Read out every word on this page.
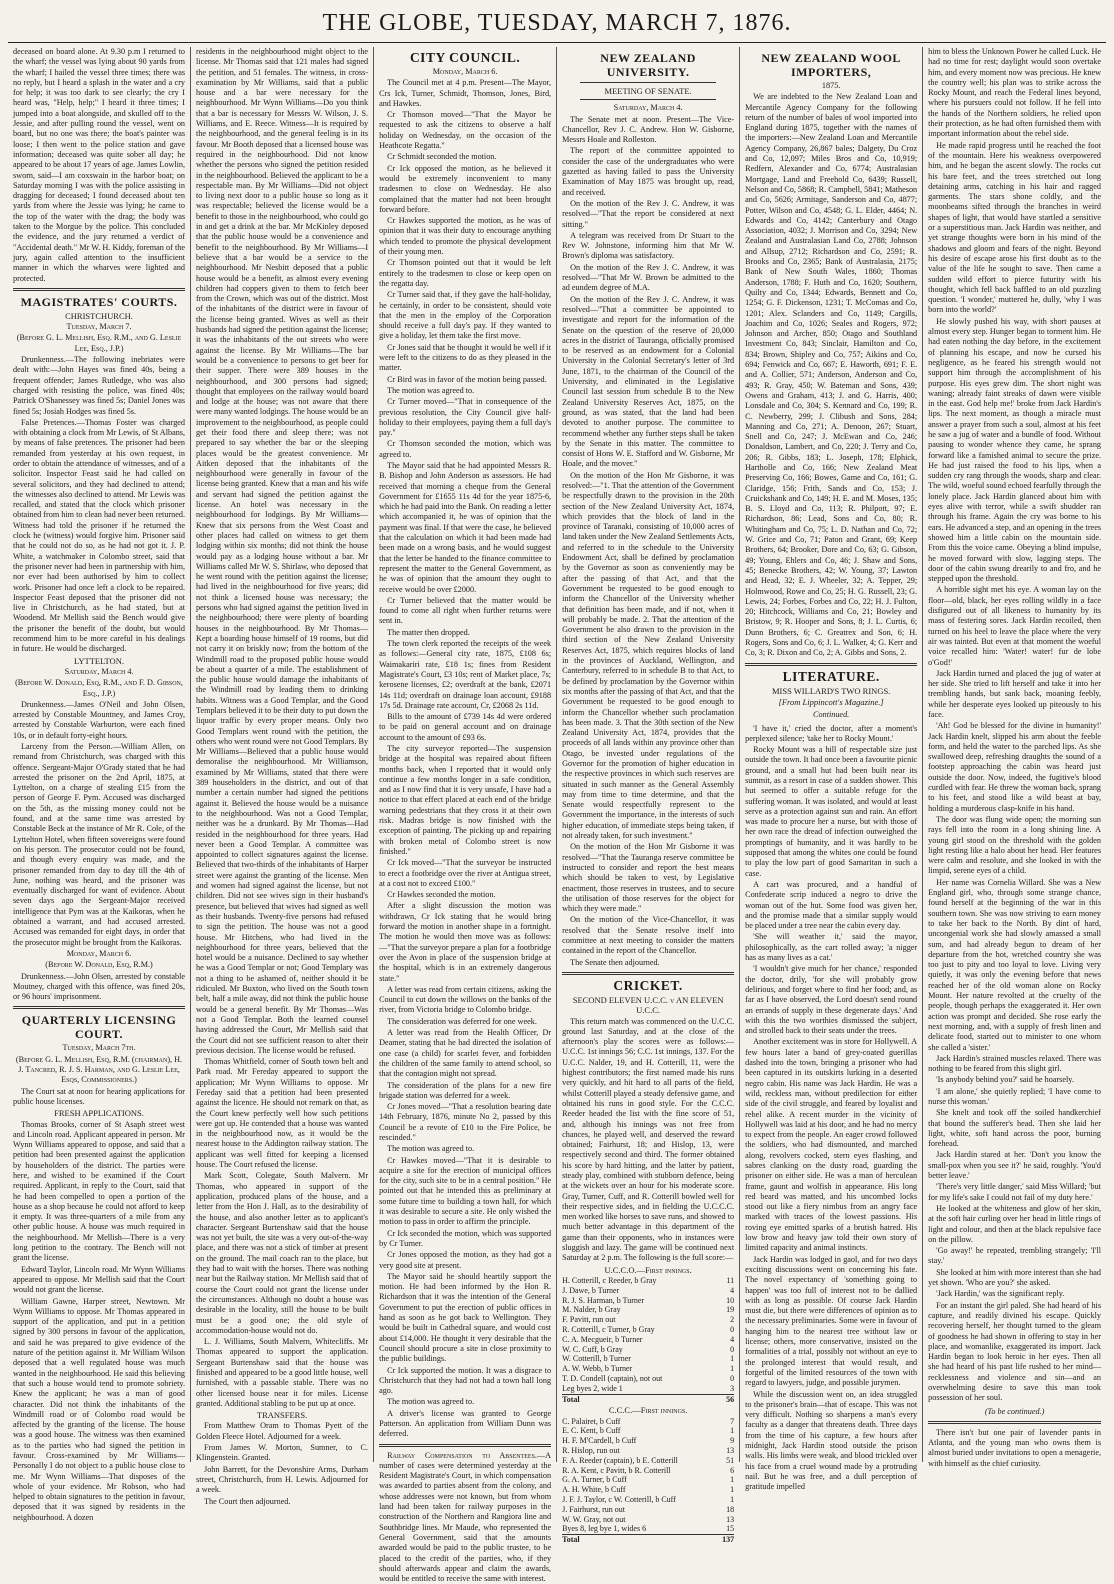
THE GLOBE, TUESDAY, MARCH 7, 1876.

deceased on board alone. At 9.30 p.m I returned to the wharf; the vessel was lying about 90 yards from the wharf; I hailed the vessel three times; there was no reply, but I heard a splash in the water and a cry for help; it was too dark to see clearly; the cry I heard was, "Help, help;" I heard it three times; I jumped into a boat alongside, and skulled off to the Jessie, and after pulling round the vessel, went on board, but no one was there; the boat's painter was loose; I then went to the police station and gave information; deceased was quite sober all day; he appeared to be about 17 years of age. James Lowlin, sworn, said—I am coxswain in the harbor boat; on Saturday morning I was with the police assisting in dragging for deceased; I found deceased about ten yards from where the Jessie was lying; he came to the top of the water with the drag; the body was taken to the Morgue by the police. This concluded the evidence, and the jury returned a verdict of "Accidental death." Mr W. H. Kiddy, foreman of the jury, again called attention to the insufficient manner in which the wharves were lighted and protected.

MAGISTRATES' COURTS.
CHRISTCHURCH.
Tuesday, March 7.
(Before G. L. Mellish, Esq. R.M., and G. Leslie Lee, Esq., J.P.)

Drunkenness.—The following inebriates were dealt with:—John Hayes was fined 40s, being a frequent offender; James Rutledge, who was also charged with resisting the police, was fined 40s; Patrick O'Shanessey was fined 5s; Daniel Jones was fined 5s; Josiah Hodges was fined 5s.

False Pretences.—Thomas Foster was charged with obtaining a clock from Mr Lewis, of St Albans, by means of false pretences. The prisoner had been remanded from yesterday at his own request, in order to obtain the attendance of witnesses, and of a solicitor. Inspector Feast said he had called on several solicitors, and they had declined to attend; the witnesses also declined to attend. Mr Lewis was recalled, and stated that the clock which prisoner obtained from him to clean had never been returned. Witness had told the prisoner if he returned the clock he (witness) would forgive him. Prisoner said that he could not do so, as he had not got it. J. P. White, a watchmaker in Colombo street, said that the prisoner never had been in partnership with him, nor ever had been authorised by him to collect work. Prisoner had once left a clock to be repaired. Inspector Feast deposed that the prisoner did not live in Christchurch, as he had stated, but at Woodend. Mr Mellish said the Bench would give the prisoner the benefit of the doubt, but would recommend him to be more careful in his dealings in future. He would be discharged.

LYTTELTON.
Saturday, March 4.
(Before W. Donald, Esq, R.M., and F. D. Gibson, Esq., J.P.)

Drunkenness.—James O'Neil and John Olsen, arrested by Constable Mountney, and James Croy, arrested by Constable Warburton, were each fined 10s, or in default forty-eight hours.

Larceny from the Person.—William Allen, on remand from Christchurch, was charged with this offence. Sergeant-Major O'Grady stated that he had arrested the prisoner on the 2nd April, 1875, at Lyttelton, on a charge of stealing £15 from the person of George F. Pym. Accused was discharged on the 5th, as the missing money could not be found, and at the same time was arrested by Constable Beck at the instance of Mr R. Cole, of the Lyttelton Hotel, when fifteen sovereigns were found on his person. The prosecutor could not be found, and though every enquiry was made, and the prisoner remanded from day to day till the 4th of June, nothing was heard, and the prisoner was eventually discharged for want of evidence. About seven days ago the Sergeant-Major received intelligence that Pym was at the Kaikoras, when he obtained a warrant, and had accused arrested. Accused was remanded for eight days, in order that the prosecutor might be brought from the Kaikoras.

Monday, March 6.
(Before W. Donald, Esq, R.M.)

Drunkenness.—John Olsen, arrested by constable Moutney, charged with this offence, was fined 20s, or 96 hours' imprisonment.

QUARTERLY LICENSING COURT.
Tuesday, March 7th.
(Before G. L. Mellish, Esq, R.M. (chairman), H. J. Tancred, R. J. S. Harman, and G. Leslie Lee, Esqs, Commissioners.)

The Court sat at noon for hearing applications for public house licenses.

FRESH APPLICATIONS.

Thomas Brooks, corner of St Asaph street west and Lincoln road. Applicant appeared in person. Mr Wynn Williams appeared to oppose, and said that a petition had been presented against the application by householders of the district. The parties were here, and wished to be examined if the Court required. Applicant, in reply to the Court, said that he had been compelled to open a portion of the house as a shop because he could not afford to keep it empty. It was three-quarters of a mile from any other public house. A house was much required in the neighbourhood. Mr Mellish—There is a very long petition to the contrary. The Bench will not grant the license.

Edward Taylor, Lincoln road. Mr Wynn Williams appeared to oppose. Mr Mellish said that the Court would not grant the license.

William Gawne, Harper street, Newtown. Mr Wynn Williams to oppose. Mr Thomas appeared in support of the application, and put in a petition signed by 300 persons in favour of the application, and said he was prepared to give evidence of the nature of the petition against it. Mr William Wilson deposed that a well regulated house was much wanted in the neighbourhood. He said this believing that such a house would tend to promote sobriety. Knew the applicant; he was a man of good character. Did not think the inhabitants of the Windmill road or of Colombo road would be affected by the granting of the license. The house was a good house. The witness was then examined as to the parties who had signed the petition in favour. Cross-examined by Mr Williams—Personally I do not object to a public house close to me. Mr Wynn Williams—That disposes of the whole of your evidence. Mr Robson, who had helped to obtain signatures to the petition in favour, deposed that it was signed by residents in the neighbourhood. A dozen

residents in the neighbourhood might object to the license. Mr Thomas said that 121 males had signed the petition, and 51 females. The witness, in cross-examination by Mr Williams, said that a public house and a bar were necessary for the neighbourhood. Mr Wynn Williams—Do you think that a bar is necessary for Messrs W. Wilson, J. S. Williams, and E. Reece. Witness—It is required by the neighbourhood, and the general feeling is in its favour. Mr Booth deposed that a licensed house was required in the neighbourhood. Did not know whether the persons who signed the petition resided in the neighbourhood. Believed the applicant to be a respectable man. By Mr Williams—Did not object to living next door to a public house so long as it was respectable; believed the license would be a benefit to those in the neighbourhood, who could go in and get a drink at the bar. Mr McKinley deposed that the public house would be a convenience and benefit to the neighbourhood. By Mr Williams—I believe that a bar would be a service to the neighbourhood. Mr Nesbitt deposed that a public house would be a benefit, as almost every evening children had coppers given to them to fetch beer from the Crown, which was out of the district. Most of the inhabitants of the district were in favour of the license being granted. Wives as well as their husbands had signed the petition against the license; it was the inhabitants of the out streets who were against the license. By Mr Williams—The bar would be a convenience to persons to get beer for their supper. There were 389 houses in the neighbourhood, and 300 persons had signed; thought that employees on the railway would board and lodge at the house; was not aware that there were many wanted lodgings. The house would be an improvement to the neighbourhood, as people could get their food there and sleep there; was not prepared to say whether the bar or the sleeping places would be the greatest convenience. Mr Aitken deposed that the inhabitants of the neighbourhood were generally in favour of the license being granted. Knew that a man and his wife and servant had signed the petition against the license. An hotel was necessary in the neighbourhood for lodgings. By Mr Williams—Knew that six persons from the West Coast and other places had called on witness to get them lodging within six months; did not think the house would pay as a lodging house without a bar. Mr Williams called Mr W. S. Shirlaw, who deposed that he went round with the petition against the license; had lived in the neighbourhood for five years; did not think a licensed house was necessary; the persons who had signed against the petition lived in the neighbourhood; there were plenty of boarding houses in the neighbourhood. By Mr Thomas—Kept a boarding house himself of 19 rooms, but did not carry it on briskly now; from the bottom of the Windmill road to the proposed public house would be about a quarter of a mile. The establishment of the public house would damage the inhabitants of the Windmill road by leading them to drinking habits. Witness was a Good Templar, and the Good Templars believed it to be their duty to put down the liquor traffic by every proper means. Only two Good Templars went round with the petition, the others who went round were not Good Templars. By Mr Williams—Believed that a public house would demoralise the neighbourhood. Mr Williamson, examined by Mr Williams, stated that there were 389 householders in the district, and out of that number a certain number had signed the petitions against it. Believed the house would be a nuisance to the neighbourhood. Was not a Good Templar, neither was he a drunkard. By Mr Thomas—Had resided in the neighbourhood for three years. Had never been a Good Templar. A committee was appointed to collect signatures against the license. Believed that two-thirds of the inhabitants of Harper street were against the granting of the license. Men and women had signed against the license, but not children. Did not see wives sign in their husband's presence, but believed that wives had signed as well as their husbands. Twenty-five persons had refused to sign the petition. The house was not a good house. Mr Hitchens, who had lived in the neighbourhood for three years, believed that the hotel would be a nuisance. Declined to say whether he was a Good Templar or not; Good Templary was not a thing to be ashamed of, neither should it be ridiculed. Mr Buxton, who lived on the South town belt, half a mile away, did not think the public house would be a general benefit. By Mr Thomas—Was not a Good Templar. Both the learned counsel having addressed the Court, Mr Mellish said that the Court did not see sufficient reason to alter their previous decision. The license would be refused.

Thomas Whitfield, corner of South town belt and Park road. Mr Fereday appeared to support the application; Mr Wynn Williams to oppose. Mr Fereday said that a petition had been presented against the licence. He should not remark on that, as the Court knew perfectly well how such petitions were got up. He contended that a house was wanted in the neighbourhood now, as it would be the nearest house to the Addington railway station. The applicant was well fitted for keeping a licensed house. The Court refused the license.

Mark Scott, Colegate, South Malvern. Mr Thomas, who appeared in support of the application, produced plans of the house, and a letter from the Hon J. Hall, as to the desirability of the house, and also another letter as to applicant's character. Sergeant Burtenshaw said that the house was not yet built, the site was a very out-of-the-way place, and there was not a stick of timber at present on the ground. The mail coach ran to the place, but they had to wait with the horses. There was nothing near but the Railway station. Mr Mellish said that of course the Court could not grant the license under the circumstances. Although no doubt a house was desirable in the locality, still the house to be built must be a good one; the old style of accommodation-house would not do.

L. J. Williams, South Malvern, Whitecliffs. Mr Thomas appeared to support the application. Sergeant Burtenshaw said that the house was finished and appeared to be a good little house, well furnished, with a passable stable. There was no other licensed house near it for miles. License granted. Additional stabling to be put up at once.

TRANSFERS.

From Matthew Oram to Thomas Pyett of the Golden Fleece Hotel. Adjourned for a week.

From James W. Morton, Sumner, to C. Klingenstein. Granted.

John Barrett, for the Devonshire Arms, Durham street, Christchurch, from H. Lewis. Adjourned for a week.

The Court then adjourned.

CITY COUNCIL.
Monday, March 6.

The Council met at 4 p.m. Present—The Mayor, Crs Ick, Turner, Schmidt, Thomson, Jones, Bird, and Hawkes.

Cr Thomson moved—"That the Mayor be requested to ask the citizens to observe a half holiday on Wednesday, on the occasion of the Heathcote Regatta."

Cr Schmidt seconded the motion.

Cr Ick opposed the motion, as he believed it would be extremely inconvenient to many tradesmen to close on Wednesday. He also complained that the matter had not been brought forward before.

Cr Hawkes supported the motion, as he was of opinion that it was their duty to encourage anything which tended to promote the physical development of their young men.

Cr Thomson pointed out that it would be left entirely to the tradesmen to close or keep open on the regatta day.

Cr Turner said that, if they gave the half-holiday, he certainly, in order to be consistent, should vote that the men in the employ of the Corporation should receive a full day's pay. If they wanted to give a holiday, let them take the first move.

Cr Jones said that he thought it would be well if it were left to the citizens to do as they pleased in the matter.

Cr Bird was in favor of the motion being passed.

The motion was agreed to.

Cr Turner moved—"That in consequence of the previous resolution, the City Council give half-holiday to their employees, paying them a full day's pay."

Cr Thomson seconded the motion, which was agreed to.

The Mayor said that he had appointed Messrs R. B. Bishop and John Anderson as assessors. He had received that morning a cheque from the General Government for £1655 11s 4d for the year 1875-6, which he had paid into the Bank. On reading a letter which accompanied it, he was of opinion that the payment was final. If that were the case, he believed that the calculation on which it had been made had been made on a wrong basis, and he would suggest that the letter be handed to the finance committee to represent the matter to the General Government, as he was of opinion that the amount they ought to receive would be over £2000.

Cr Turner believed that the matter would be found to come all right when further returns were sent in.

The matter then dropped.

The town clerk reported the receipts of the week as follows:—General city rate, 1875, £108 6s; Waimakariri rate, £18 1s; fines from Resident Magistrate's Court, £3 10s; rent of Market place, 7s; kerosene licenses, £2; overdraft at the bank, £2071 14s 11d; overdraft on drainage loan account, £9188 17s 5d. Drainage rate account, Cr, £2068 2s 11d.

Bills to the amount of £739 14s 4d were ordered to be paid on general account and on drainage account to the amount of £93 6s.

The city surveyor reported—The suspension bridge at the hospital was repaired about fifteen months back, when I reported that it would only continue a few months longer in a safe condition, and as I now find that it is very unsafe, I have had a notice to that effect placed at each end of the bridge warning pedestrians that they cross it at their own risk. Madras bridge is now finished with the exception of painting. The picking up and repairing with broken metal of Colombo street is now finished."

Cr Ick moved—"That the surveyor be instructed to erect a footbridge over the river at Antigua street, at a cost not to exceed £100."

Cr Hawkes seconded the motion.

After a slight discussion the motion was withdrawn, Cr Ick stating that he would bring forward the motion in another shape in a fortnight. The motion he would then move was as follows:—"That the surveyor prepare a plan for a footbridge over the Avon in place of the suspension bridge at the hospital, which is in an extremely dangerous state."

A letter was read from certain citizens, asking the Council to cut down the willows on the banks of the river, from Victoria bridge to Colombo bridge.

The consideration was deferred for one week.

A letter was read from the Health Officer, Dr Deamer, stating that he had directed the isolation of one case (a child) for scarlet fever, and forbidden the children of the same family to attend school, so that the contagion might not spread.

The consideration of the plans for a new fire brigade station was deferred for a week.

Cr Jones moved—"That a resolution bearing date 14th February, 1876, minute No 2, passed by this Council be a revote of £10 to the Fire Police, be rescinded."

The motion was agreed to.

Cr Hawkes moved—"That it is desirable to acquire a site for the erection of municipal offices for the city, such site to be in a central position." He pointed out that he intended this as preliminary at some future time to building a town hall, for which it was desirable to secure a site. He only wished the motion to pass in order to affirm the principle.

Cr Ick seconded the motion, which was supported by Cr Turner.

Cr Jones opposed the motion, as they had got a very good site at present.

The Mayor said he should heartily support the motion. He had been informed by the Hon R. Richardson that it was the intention of the General Government to put the erection of public offices in hand as soon as he got back to Wellington. They would be built in Cathedral square, and would cost about £14,000. He thought it very desirable that the Council should procure a site in close proximity to the public buildings.

Cr Ick supported the motion. It was a disgrace to Christchurch that they had not had a town hall long ago.

The motion was agreed to.

A driver's license was granted to George Patterson. An application from William Dunn was deferred.

Railway Compensation to Absentees.—A number of cases were determined yesterday at the Resident Magistrate's Court, in which compensation was awarded to parties absent from the colony, and whose addresses were not known, but from whom land had been taken for railway purposes in the construction of the Northern and Rangiora line and Southbridge lines. Mr Maude, who represented the General Government, said that the amounts awarded would be paid to the public trustee, to be placed to the credit of the parties, who, if they should afterwards appear and claim the awards, would be entitled to receive the same with interest.

NEW ZEALAND UNIVERSITY.
MEETING OF SENATE.
Saturday, March 4.

The Senate met at noon. Present—The Vice-Chancellor, Rev J. C. Andrew. Hon W. Gisborne, Messrs Hoale and Rolleston.

The report of the committee appointed to consider the case of the undergraduates who were gazetted as having failed to pass the University Examination of May 1875 was brought up, read, and received.

On the motion of the Rev J. C. Andrew, it was resolved—"That the report be considered at next sitting."

A telegram was received from Dr Stuart to the Rev W. Johnstone, informing him that Mr W. Brown's diploma was satisfactory.

On the motion of the Rev J. C. Andrew, it was resolved—"That Mr W. Brown be admitted to the ad eundem degree of M.A.

On the motion of the Rev J. C. Andrew, it was resolved—"That a committee be appointed to investigate and report for the information of the Senate on the question of the reserve of 20,000 acres in the district of Tauranga, officially promised to be reserved as an endowment for a Colonial University in the Colonial Secretary's letter of 3rd June, 1871, to the chairman of the Council of the University, and eliminated in the Legislative Council last session from schedule B to the New Zealand University Reserves Act, 1875, on the ground, as was stated, that the land had been devoted to another purpose. The committee to recommend whether any further steps shall be taken by the Senate in this matter. The committee to consist of Hons W. E. Stafford and W. Gisborne, Mr Hoale, and the mover."

On the motion of the Hon Mr Gisborne, it was resolved:—"1. That the attention of the Government be respectfully drawn to the provision in the 20th section of the New Zealand University Act, 1874, which provides that the block of land in the province of Taranaki, consisting of 10,000 acres of land taken under the New Zealand Settlements Acts, and referred to in the schedule to the University Endowment Act, shall be defined by proclamation by the Governor as soon as conveniently may be after the passing of that Act, and that the Government be requested to be good enough to inform the Chancellor of the University whether that definition has been made, and if not, when it will probably be made. 2. That the attention of the Government be also drawn to the provision in the third section of the New Zealand University Reserves Act, 1875, which requires blocks of land in the provinces of Auckland, Wellington, and Canterbury, referred to in schedule B to that Act, to be defined by proclamation by the Governor within six months after the passing of that Act, and that the Government be requested to be good enough to inform the Chancellor whether such proclamation has been made. 3. That the 30th section of the New Zealand University Act, 1874, provides that the proceeds of all lands within any province other than Otago, be invested under regulations of the Governor for the promotion of higher education in the respective provinces in which such reserves are situated in such manner as the General Assembly may from time to time determine, and that the Senate would respectfully represent to the Government the importance, in the interests of such higher education, of immediate steps being taken, if not already taken, for such investment."

On the motion of the Hon Mr Gisborne it was resolved—"That the Tauranga reserve committee be instructed to consider and report the best means which should be taken to vest, by Legislative enactment, those reserves in trustees, and to secure the utilisation of those reserves for the object for which they were made."

On the motion of the Vice-Chancellor, it was resolved that the Senate resolve itself into committee at next meeting to consider the matters contained in the report of the Chancellor.

The Senate then adjourned.

CRICKET.
SECOND ELEVEN U.C.C. v AN ELEVEN U.C.C.

This return match was commenced on the U.C.C. ground last Saturday, and at the close of the afternoon's play the scores were as follows:—U.C.C. 1st innings 56; C.C. 1st innings, 137. For the U.C.C. Nalder, 19, and H. Cotterill, 11, were the highest contributors; the first named made his runs very quickly, and hit hard to all parts of the field, whilst Cotterill played a steady defensive game, and obtained his runs in good style. For the C.C.C. Reeder headed the list with the fine score of 51, and, although his innings was not free from chances, he played well, and deserved the reward obtained; Fairhurst, 18; and Hislop, 13, were respectively second and third. The former obtained his score by hard hitting, and the latter by patient, steady play, combined with stubborn defence, being at the wickets over an hour for his moderate score. Gray, Turner, Cuff, and R. Cotterill bowled well for their respective sides, and in fielding the U.C.C.C. men worked like horses to save runs, and showed to much better advantage in this department of the game than their opponents, who in instances were sluggish and lazy. The game will be continued next Saturday at 2 p.m. The following is the full score:—

U.C.C.O.—First innings.
H. Cotterill, c Reeder, b Gray	11
J. Dawe, b Turner	4
R. J. S. Harman, b Turner	10
M. Nalder, b Gray	19
F. Pavitt, run out	2
R. Cotterill, c Turner, b Gray	0
C. A. Mecgueir, b Turner	4
W. C. Cuff, b Gray	0
W. Cotterill, b Turner	1
A. W. Webb, b Turner	1
T. D. Condell (captain), not out	0
Leg byes 2, wide 1	3
Total	56
C.C.C.—First innings.
C. Palairet, b Cuff	7
E. C. Kent, b Cuff	1
H. F. M'Cardell, b Cuff	9
R. Hislop, run out	13
F. A. Reeder (captain), b E. Cotterill	51
R. A. Kent, c Pavitt, b R. Cotterill	6
G. A. Turner, b Cuff	1
A. H. White, b Cuff	1
J. F. J. Taylor, c W. Cotterill, b Cuff	1
J. Fairhurst, run out	18
W. W. Gray, not out	13
Byes 8, leg bye 1, wides 6	15
Total	137
NEW ZEALAND WOOL IMPORTERS,
1875.

We are indebted to the New Zealand Loan and Mercantile Agency Company for the following return of the number of bales of wool imported into England during 1875, together with the names of the importers:—New Zealand Loan and Mercantile Agency Company, 26,867 bales; Dalgety, Du Croz and Co, 12,097; Miles Bros and Co, 10,919; Redfern, Alexander and Co, 6774; Australasian Mortgage, Land and Freehold Co, 6439; Russell, Nelson and Co, 5868; R. Campbell, 5841; Matheson and Co, 5626; Armitage, Sanderson and Co, 4877; Potter, Wilson and Co, 4548; G. L. Elder, 4464; N. Edwards and Co, 4142; Canterbury and Otago Association, 4032; J. Morrison and Co, 3294; New Zealand and Australasian Land Co, 2788; Johnson and Allsup, 2712; Richardson and Co, 2591; R. Brooks and Co, 2365; Bank of Australasia, 2175; Bank of New South Wales, 1860; Thomas Anderson, 1788; F. Huth and Co, 1620; Southern, Quilty and Co, 1344; Edwards, Bennett and Co, 1254; G. F. Dickenson, 1231; T. McComas and Co, 1201; Alex. Sclanders and Co, 1149; Cargills, Joachim and Co, 1026; Seales and Rogers, 972; Johnson and Archer, 850; Otago and Southland Investment Co, 843; Sinclair, Hamilton and Co, 834; Brown, Shipley and Co, 757; Aikins and Co, 694; Fenwick and Co, 667; E. Haworth, 691; F. E. and A. Collier, 571; Anderson, Anderson and Co, 493; R. Gray, 450; W. Bateman and Sons, 439; Owens and Graham, 413; J. and G. Harris, 400; Lonsdale and Co, 304; S. Kennard and Co, 199; R. C. Newberry, 299; J. Clibush and Sons, 284; Manning and Co, 271; A. Denoon, 267; Stuart, Snell and Co, 247; J. McEwan and Co, 246; Donaldson, Lambert, and Co, 220; J. Terry and Co, 206; R. Gibbs, 183; L. Joseph, 178; Elphick, Hartholle and Co, 166; New Zealand Meat Preserving Co, 166; Bowes, Game and Co, 161; G. Claridge, 156; Frith, Sands and Co, 153; J. Cruickshank and Co, 149; H. E. and M. Moses, 135; B. S. Lloyd and Co, 113; R. Philpott, 97; E. Richardson, 86; Lead, Sons and Co, 80; R. Whitingham and Co, 75; L. D. Nathan and Co, 72; W. Grice and Co, 71; Paton and Grant, 69; Keep Brothers, 64; Brooker, Dore and Co, 63; G. Gibson, 49; Young, Ehlers and Co, 46; J. Shaw and Sons, 45; Benecke Brothers, 42; W. Young, 37; Lawton and Head, 32; E. J. Wheeler, 32; A. Tepper, 29; Holmwood, Rowe and Co, 25; H. G. Russell, 23; G. Lewis, 24; Forbes, Forbes and Co, 22; H. J. Fulton, 20; Hitchcock, Williams and Co, 21; Bowley and Bristow, 9; R. Hooper and Sons, 8; J. L. Curtis, 6; Dunn Brothers, 6; C. Greatrex and Son, 6; H. Rogers, Sons and Co, 6; J. L. Walker, 4; G. Kerr and Co, 3; R. Dixon and Co, 2; A. Gibbs and Sons, 2.

LITERATURE.
MISS WILLARD'S TWO RINGS.
[From Lippincott's Magazine.]
Continued.

'I have it,' cried the doctor, after a moment's perplexed silence; 'take her to Rocky Mount.'

Rocky Mount was a hill of respectable size just outside the town. It had once been a favourite picnic ground, and a small hut had been built near its summit, as a resort in case of a sudden shower. This hut seemed to offer a suitable refuge for the suffering woman. It was isolated, and would at least serve as a protection against sun and rain. An effort was made to procure her a nurse, but with those of her own race the dread of infection outweighed the promptings of humanity, and it was hardly to be supposed that among the whites one could be found to play the low part of good Samaritan in such a case.

A cart was procured, and a handful of Confederate scrip induced a negro to drive the woman out of the hut. Some food was given her, and the promise made that a similar supply would be placed under a tree near the cabin every day.

'She will weather it,' said the mayor, philosophically, as the cart rolled away; 'a nigger has as many lives as a cat.'

'I wouldn't give much for her chance,' responded the doctor, drily, 'for she will probably grow delirious, and forget where to find her food; and, as far as I have observed, the Lord doesn't send round an errands of supply in these degenerate days.' And with this the two worthies dismissed the subject, and strolled back to their seats under the trees.

Another excitement was in store for Hollywell. A few hours later a band of grey-coated guerillas dashed into the town, bringing a prisoner who had been captured in its outskirts lurking in a deserted negro cabin. His name was Jack Hardin. He was a wild, reckless man, without predilection for either side of the civil struggle, and feared by loyalist and rebel alike. A recent murder in the vicinity of Hollywell was laid at his door, and he had no mercy to expect from the people. An eager crowd followed the soldiers, who had dismounted, and marched along, revolvers cocked, stern eyes flashing, and sabres clanking on the dusty road, guarding the prisoner on either side. He was a man of herculean frame, gaunt and wolfish in appearance. His long red beard was matted, and his uncombed locks stood out like a fiery nimbus from an angry face marked with traces of the lowest passions. His roving eye emitted sparks of a brutish hatred. His low brow and heavy jaw told their own story of limited capacity and animal instincts.

Jack Hardin was lodged in gaol, and for two days exciting discussions went on concerning his fate. The novel expectancy of 'something going to happen' was too full of interest not to be dallied with as long as possible. Of course Jack Hardin must die, but there were differences of opinion as to the necessary preliminaries. Some were in favour of hanging him to the nearest tree without law or license; others, more conservative, insisted on the formalities of a trial, possibly not without an eye to the prolonged interest that would result, and forgetful of the limited resources of the town with regard to lawyers, judge, and possible jurymen.

While the discussion went on, an idea struggled to the prisoner's brain—that of escape. This was not very difficult. Nothing so sharpens a man's every faculty as a danger that threatens death. Three days from the time of his capture, a few hours after midnight, Jack Hardin stood outside the prison walls. His limbs were weak, and blood trickled over his face from a cruel wound made by a protruding nail. But he was free, and a dull perception of gratitude impelled

him to bless the Unknown Power he called Luck. He had no time for rest; daylight would soon overtake him, and every moment now was precious. He knew the country well; his plan was to strike across the Rocky Mount, and reach the Federal lines beyond, where his pursuers could not follow. If he fell into the hands of the Northern soldiers, he relied upon their protection, as he had often furnished them with important information about the rebel side.

He made rapid progress until he reached the foot of the mountain. Here his weakness overpowered him, and he began the ascent slowly. The rocks cut his bare feet, and the trees stretched out long detaining arms, catching in his hair and ragged garments. The stars shone coldly, and the moonbeams sifted through the branches in weird shapes of light, that would have startled a sensitive or a superstitious man. Jack Hardin was neither, and yet strange thoughts were born in his mind of the shadows and gloom and fears of the night. Beyond his desire of escape arose his first doubt as to the value of the life he sought to save. Then came a sudden wild effort to pierce futurity with his thought, which fell back baffled to an old puzzling question. 'I wonder,' muttered he, dully, 'why I was born into the world?'

He slowly pushed his way, with short pauses at almost every step. Hunger began to torment him. He had eaten nothing the day before, in the excitement of planning his escape, and now he cursed his negligence, as he feared his strength would not support him through the accomplishment of his purpose. His eyes grew dim. The short night was waning; already faint streaks of dawn were visible in the east. God help me!' broke from Jack Hardin's lips. The next moment, as though a miracle must answer a prayer from such a soul, almost at his feet he saw a jug of water and a bundle of food. Without pausing to wonder whence they came, he sprang forward like a famished animal to secure the prize. He had just raised the food to his lips, when a sudden cry rang through the woods, sharp and clear. The wild, woeful sound echoed fearfully through the lonely place. Jack Hardin glanced about him with eyes alive with terror, while a swift shudder ran through his frame. Again the cry was borne to his ears. He advanced a step, and an opening in the trees showed him a little cabin on the mountain side. From this the voice came. Obeying a blind impulse, he moved forward with slow, lagging steps. The door of the cabin swung drearily to and fro, and he stepped upon the threshold.

A horrible sight met his eye. A woman lay on the floor—old, black, her eyes rolling wildly in a face disfigured out of all likeness to humanity by its mass of festering sores. Jack Hardin recoiled, then turned on his heel to leave the place where the very air was tainted. But even at that moment the woeful voice recalled him: 'Water! water! fur de lobe o'God!'

Jack Hardin turned and placed the jug of water at her side. She tried to lift herself and take it into her trembling hands, but sank back, moaning feebly, while her desperate eyes looked up piteously to his face.

'Ah! God be blessed for the divine in humanity!' Jack Hardin knelt, slipped his arm about the feeble form, and held the water to the parched lips. As she swallowed deep, refreshing draughts the sound of a footstep approaching the cabin was heard just outside the door. Now, indeed, the fugitive's blood curdled with fear. He threw the woman back, sprang to his feet, and stood like a wild beast at bay, holding a murderous clasp-knife in his hand.

The door was flung wide open; the morning sun rays fell into the room in a long shining line. A young girl stood on the threshold with the golden light resting like a halo about her head. Her features were calm and resolute, and she looked in with the limpid, serene eyes of a child.

Her name was Cornelia Willard. She was a New England girl, who, through some strange chance, found herself at the beginning of the war in this southern town. She was now striving to earn money to take her back to the North. By dint of hard, uncongenial work she had slowly amassed a small sum, and had already begun to dream of her departure from the hot, wretched country she was too just to pity and too loyal to love. Living very quietly, it was only the evening before that news reached her of the old woman alone on Rocky Mount. Her nature revolted at the cruelty of the people, though perhaps the exaggerated it. Her own action was prompt and decided. She rose early the next morning, and, with a supply of fresh linen and delicate food, started out to minister to one whom she called a 'sister.'

Jack Hardin's strained muscles relaxed. There was nothing to be feared from this slight girl.

'Is anybody behind you?' said he hoarsely.

'I am alone,' she quietly replied; 'I have come to nurse this woman.'

She knelt and took off the soiled handkerchief that bound the sufferer's head. Then she laid her light, white, soft hand across the poor, burning forehead.

Jack Hardin stared at her. 'Don't you know the small-pox when you see it?' he said, roughly. 'You'd better leave.'

'There's very little danger,' said Miss Willard; 'but for my life's sake I could not fail of my duty here.'

He looked at the whiteness and glow of her skin, at the soft hair curling over her head in little rings of light and colour, and then at the black repulsive face on the pillow.

'Go away!' he repeated, trembling strangely; 'I'll stay.'

She looked at him with more interest than she had yet shown. 'Who are you?' she asked.

'Jack Hardin,' was the significant reply.

For an instant the girl paled. She had heard of his capture, and readily divined his escape. Quickly recovering herself, her thought turned to the gleam of goodness he had shown in offering to stay in her place, and womanlike, exaggerated its import. Jack Hardin began to look heroic in her eyes. Then all she had heard of his past life rushed to her mind—recklessness and violence and sin—and an overwhelming desire to save this man took possession of her soul.

(To be continued.)

There isn't but one pair of lavender pants in Atlanta, and the young man who owns them is almost buried under invitations to open a menagerie, with himself as the chief curiosity.
